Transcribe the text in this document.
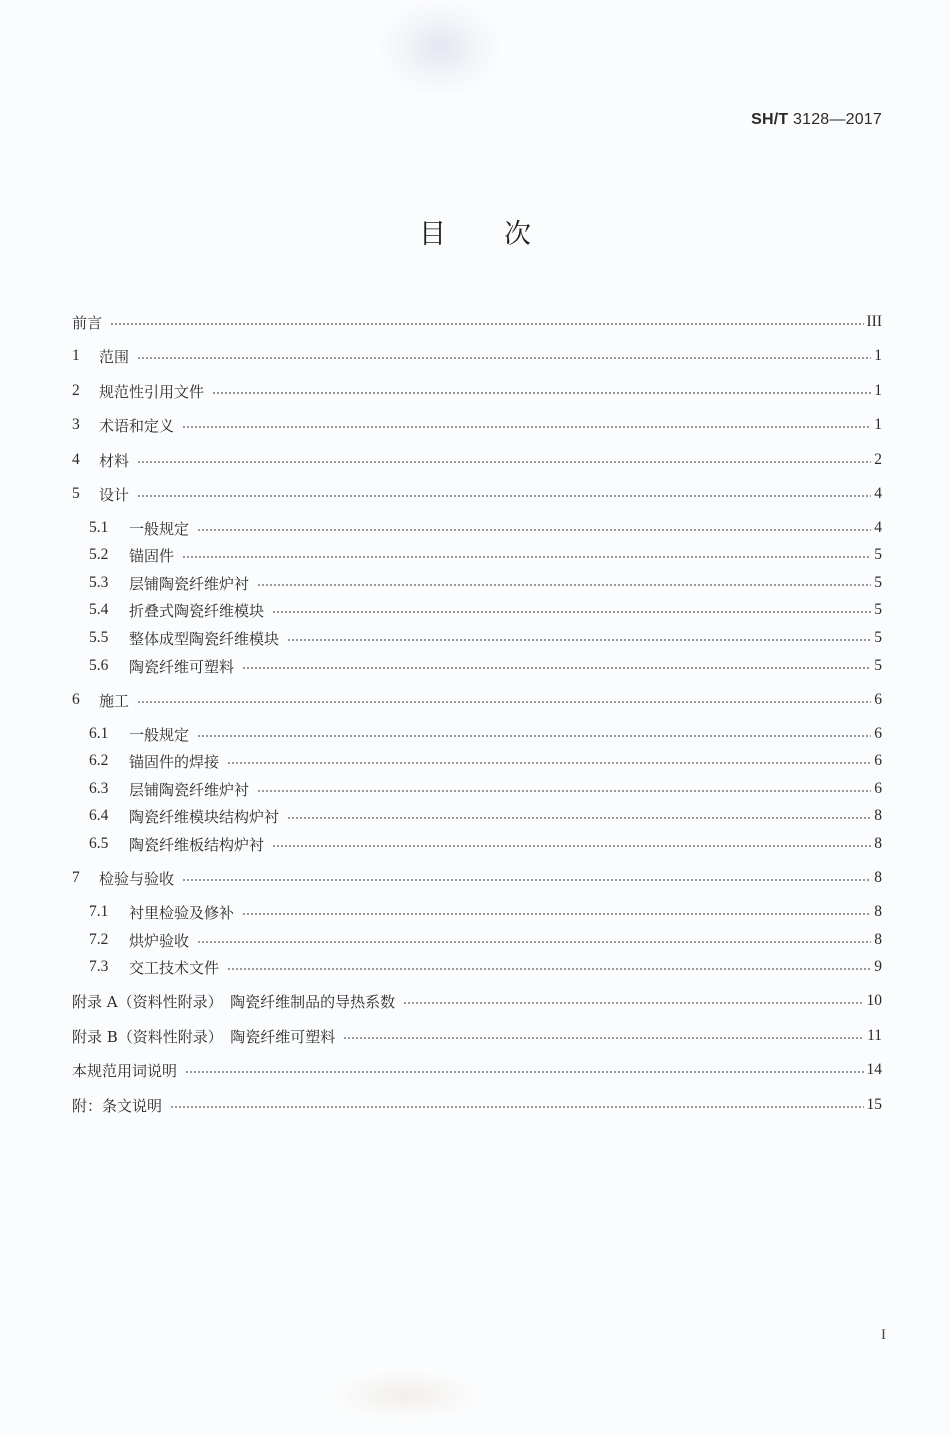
SH/T 3128—2017
目次
前言	III
1	范围	1
2	规范性引用文件	1
3	术语和定义	1
4	材料	2
5	设计	4
5.1	一般规定	4
5.2	锚固件	5
5.3	层铺陶瓷纤维炉衬	5
5.4	折叠式陶瓷纤维模块	5
5.5	整体成型陶瓷纤维模块	5
5.6	陶瓷纤维可塑料	5
6	施工	6
6.1	一般规定	6
6.2	锚固件的焊接	6
6.3	层铺陶瓷纤维炉衬	6
6.4	陶瓷纤维模块结构炉衬	8
6.5	陶瓷纤维板结构炉衬	8
7	检验与验收	8
7.1	衬里检验及修补	8
7.2	烘炉验收	8
7.3	交工技术文件	9
附录 A（资料性附录）　陶瓷纤维制品的导热系数	10
附录 B（资料性附录）　陶瓷纤维可塑料	11
本规范用词说明	14
附：条文说明	15
I
